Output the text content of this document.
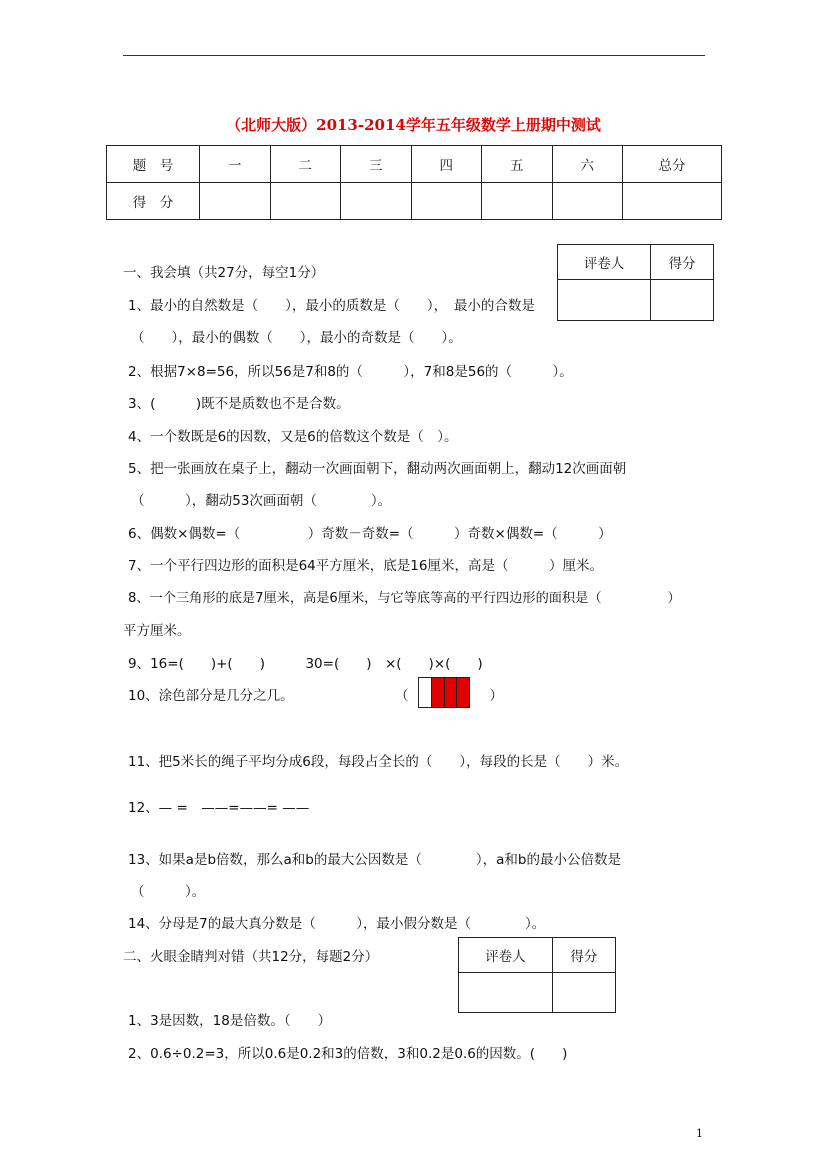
（北师大版）2013-2014学年五年级数学上册期中测试
题　号	一	二	三	四	五	六	总分
得　分							
评卷人	得分

一、我会填（共27分，每空1分）
1、最小的自然数是（　　），最小的质数是（　　），　最小的合数是
（　　），最小的偶数（　　），最小的奇数是（　　）。
2、根据7×8=56，所以56是7和8的（　　　），7和8是56的（　　　）。
3、(　　　)既不是质数也不是合数。
4、一个数既是6的因数，又是6的倍数这个数是（　）。
5、把一张画放在桌子上，翻动一次画面朝下，翻动两次画面朝上，翻动12次画面朝
（　　　），翻动53次画面朝（　　　　）。
6、偶数×偶数=（　　　　　）奇数－奇数=（　　　）奇数×偶数=（　　　）
7、一个平行四边形的面积是64平方厘米，底是16厘米，高是（　　　）厘米。
8、一个三角形的底是7厘米，高是6厘米，与它等底等高的平行四边形的面积是（　　　　　）
平方厘米。
9、16=(　　)+(　　)　　　30=(　　)　×(　　)×(　　)
10、涂色部分是几分之几。	（　　　　　　）
11、把5米长的绳子平均分成6段，每段占全长的（　　），每段的长是（　　）米。
12、— =　——=——= ——
13、如果a是b倍数，那么a和b的最大公因数是（　　　　），a和b的最小公倍数是
（　　　）。
14、分母是7的最大真分数是（　　　），最小假分数是（　　　　）。
评卷人	得分

二、火眼金睛判对错（共12分，每题2分）
1、3是因数，18是倍数。（　　）
2、0.6÷0.2=3，所以0.6是0.2和3的倍数，3和0.2是0.6的因数。(　　)
1
